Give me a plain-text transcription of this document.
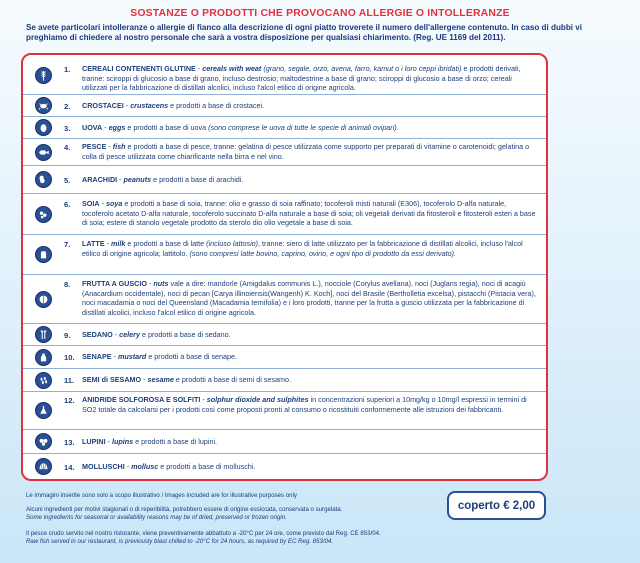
SOSTANZE O PRODOTTI CHE PROVOCANO ALLERGIE O INTOLLERANZE
Se avete particolari intolleranze o allergie di fianco alla descrizione di ogni piatto troverete il numero dell'allergene contenuto. In caso di dubbi vi preghiamo di chiedere al nostro personale che sarà a vostra disposizione per qualsiasi chiarimento. (Reg. UE 1169 del 2011).
1. CEREALI CONTENENTI GLUTINE - cereals with weat (grano, segale, orzo, avena, farro, kamut o i loro ceppi ibridati) e prodotti derivati, tranne: sciroppi di glucosio a base di grano, incluso destrosio; maltodestrine a base di grano; sciroppi di glucosio a base di orzo; cereali utilizzati per la fabbricazione di distillati alcolici, incluso l'alcol etilico di origine agricola.
2. CROSTACEI - crustacens e prodotti a base di crostacei.
3. UOVA - eggs e prodotti a base di uova (sono comprese le uova di tutte le specie di animali ovipari).
4. PESCE - fish e prodotti a base di pesce, tranne: gelatina di pesce utilizzata come supporto per preparati di vitamine o carotenoidi; gelatina o colla di pesce utilizzata come chiarificante nella birra e nel vino.
5. ARACHIDI - peanuts e prodotti a base di arachidi.
6. SOIA - soya e prodotti a base di soia, tranne: olio e grasso di soia raffinato; tocoferoli misti naturali (E306), tocoferolo D-alfa naturale, tocoferolo acetato D-alfa naturale, tocoferolo succinato D-alfa naturale a base di soia; oli vegetali derivati da fitosteroli e fitosteroli esteri a base di soia; estere di stanolo vegetale prodotto da sterolo dio olio vegetale a base di soia.
7. LATTE - milk e prodotti a base di latte (incluso lattosio), tranne: siero di latte utilizzato per la fabbricazione di distillati alcolici, incluso l'alcol etilico di origine agricola; lattitolo. (sono compresi latte bovino, caprino, ovino, e ogni tipo di prodotto da essi derivato).
8. FRUTTA A GUSCIO - nuts vale a dire: mandorle (Amigdalus communis L.), nocciole (Corylus avellana), noci (Juglans regia), noci di acagiù (Anacardium occidentale), noci di pecan [Carya illinoiensis(Wangenh) K. Koch], noci del Brasile (Bertholletia excelsa), pistacchi (Pistacia vera), noci macadamia o noci del Queensland (Macadamia ternifolia) e i loro prodotti, tranne per la frutta a guscio utilizzata per la fabbricazione di distillati alcolici, incluso l'alcol etilico di origine agricola.
9. SEDANO - celery e prodotti a base di sedano.
10. SENAPE - mustard e prodotti a base di senape.
11. SEMI di SESAMO - sesame e prodotti a base di semi di sesamo.
12. ANIDRIDE SOLFOROSA E SOLFITI - solphur dioxide and sulphites in concentrazioni superiori a 10mg/kg o 10mg/l espressi in termini di SO2 totale da calcolarsi per i prodotti così come proposti pronti al consumo o ricostituiti conformemente alle istruzioni dei fabbricanti.
13. LUPINI - lupins e prodotti a base di lupini.
14. MOLLUSCHI - mollusc e prodotti a base di molluschi.
Le immagini inserite sono solo a scopo illustrativo / Images included are for illustrative purposes only
Alcuni ingredienti per motivi stagionali o di reperibilità, potrebbero essere di origine essiccata, conservata o surgelata.
Some ingredients for seasonal or availability reasons may be of dried, preserved or frozen origin.
Il pesce crudo servito nel nostro ristorante, viene preventivamente abbattuto a -20°C per 24 ore, come previsto dal Reg. CE 853/04.
Raw fish served in our restaurant, is previously blast chilled to -20°C for 24 hours, as required by EC Reg. 853/04.
coperto € 2,00
